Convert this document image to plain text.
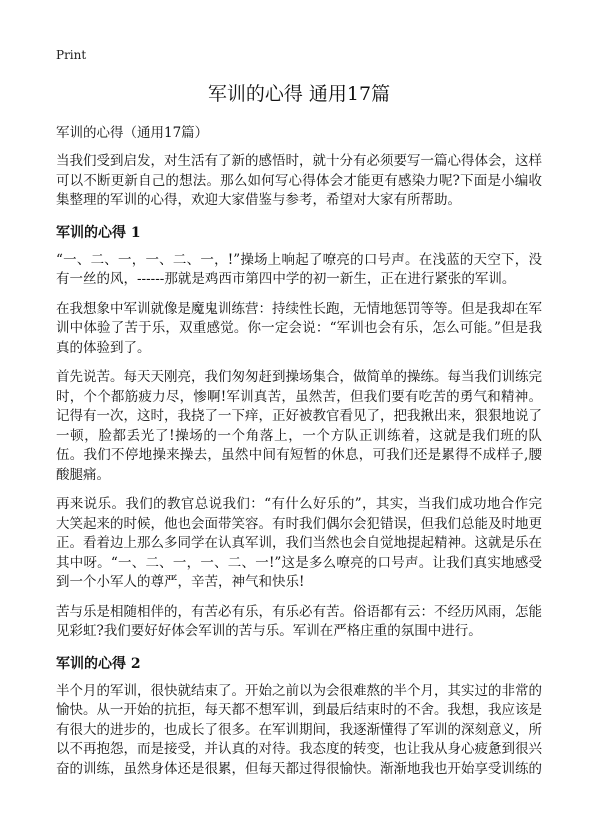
Print
军训的心得 通用17篇
军训的心得（通用17篇）

当我们受到启发，对生活有了新的感悟时，就十分有必须要写一篇心得体会，这样可以不断更新自己的想法。那么如何写心得体会才能更有感染力呢?下面是小编收集整理的军训的心得，欢迎大家借鉴与参考，希望对大家有所帮助。

军训的心得 1

“一、二、一，一、二、一，!”操场上响起了嘹亮的口号声。在浅蓝的天空下，没有一丝的风，------那就是鸡西市第四中学的初一新生，正在进行紧张的军训。

在我想象中军训就像是魔鬼训练营：持续性长跑，无情地惩罚等等。但是我却在军训中体验了苦于乐，双重感觉。你一定会说：“军训也会有乐，怎么可能。”但是我真的体验到了。

首先说苦。每天天刚亮，我们匆匆赶到操场集合，做简单的操练。每当我们训练完时，个个都筋疲力尽，惨啊!军训真苦，虽然苦，但我们要有吃苦的勇气和精神。记得有一次，这时，我挠了一下痒，正好被教官看见了，把我揪出来，狠狠地说了一顿，脸都丢光了!操场的一个角落上，一个方队正训练着，这就是我们班的队伍。我们不停地操来操去，虽然中间有短暂的休息，可我们还是累得不成样子,腰酸腿痛。

再来说乐。我们的教官总说我们：“有什么好乐的”，其实，当我们成功地合作完大笑起来的时候，他也会面带笑容。有时我们偶尔会犯错误，但我们总能及时地更正。看着边上那么多同学在认真军训，我们当然也会自觉地提起精神。这就是乐在其中呀。“一、二、一，一、二、一!”这是多么嘹亮的口号声。让我们真实地感受到一个小军人的尊严，辛苦，神气和快乐!

苦与乐是相随相伴的，有苦必有乐，有乐必有苦。俗语都有云：不经历风雨，怎能见彩虹?我们要好好体会军训的苦与乐。军训在严格庄重的氛围中进行。

军训的心得 2

半个月的军训，很快就结束了。开始之前以为会很难熬的半个月，其实过的非常的愉快。从一开始的抗拒，每天都不想军训，到最后结束时的不舍。我想，我应该是有很大的进步的，也成长了很多。在军训期间，我逐渐懂得了军训的深刻意义，所以不再抱怨，而是接受，并认真的对待。我态度的转变，也让我从身心疲惫到很兴奋的训练，虽然身体还是很累，但每天都过得很愉快。渐渐地我也开始享受训练的
